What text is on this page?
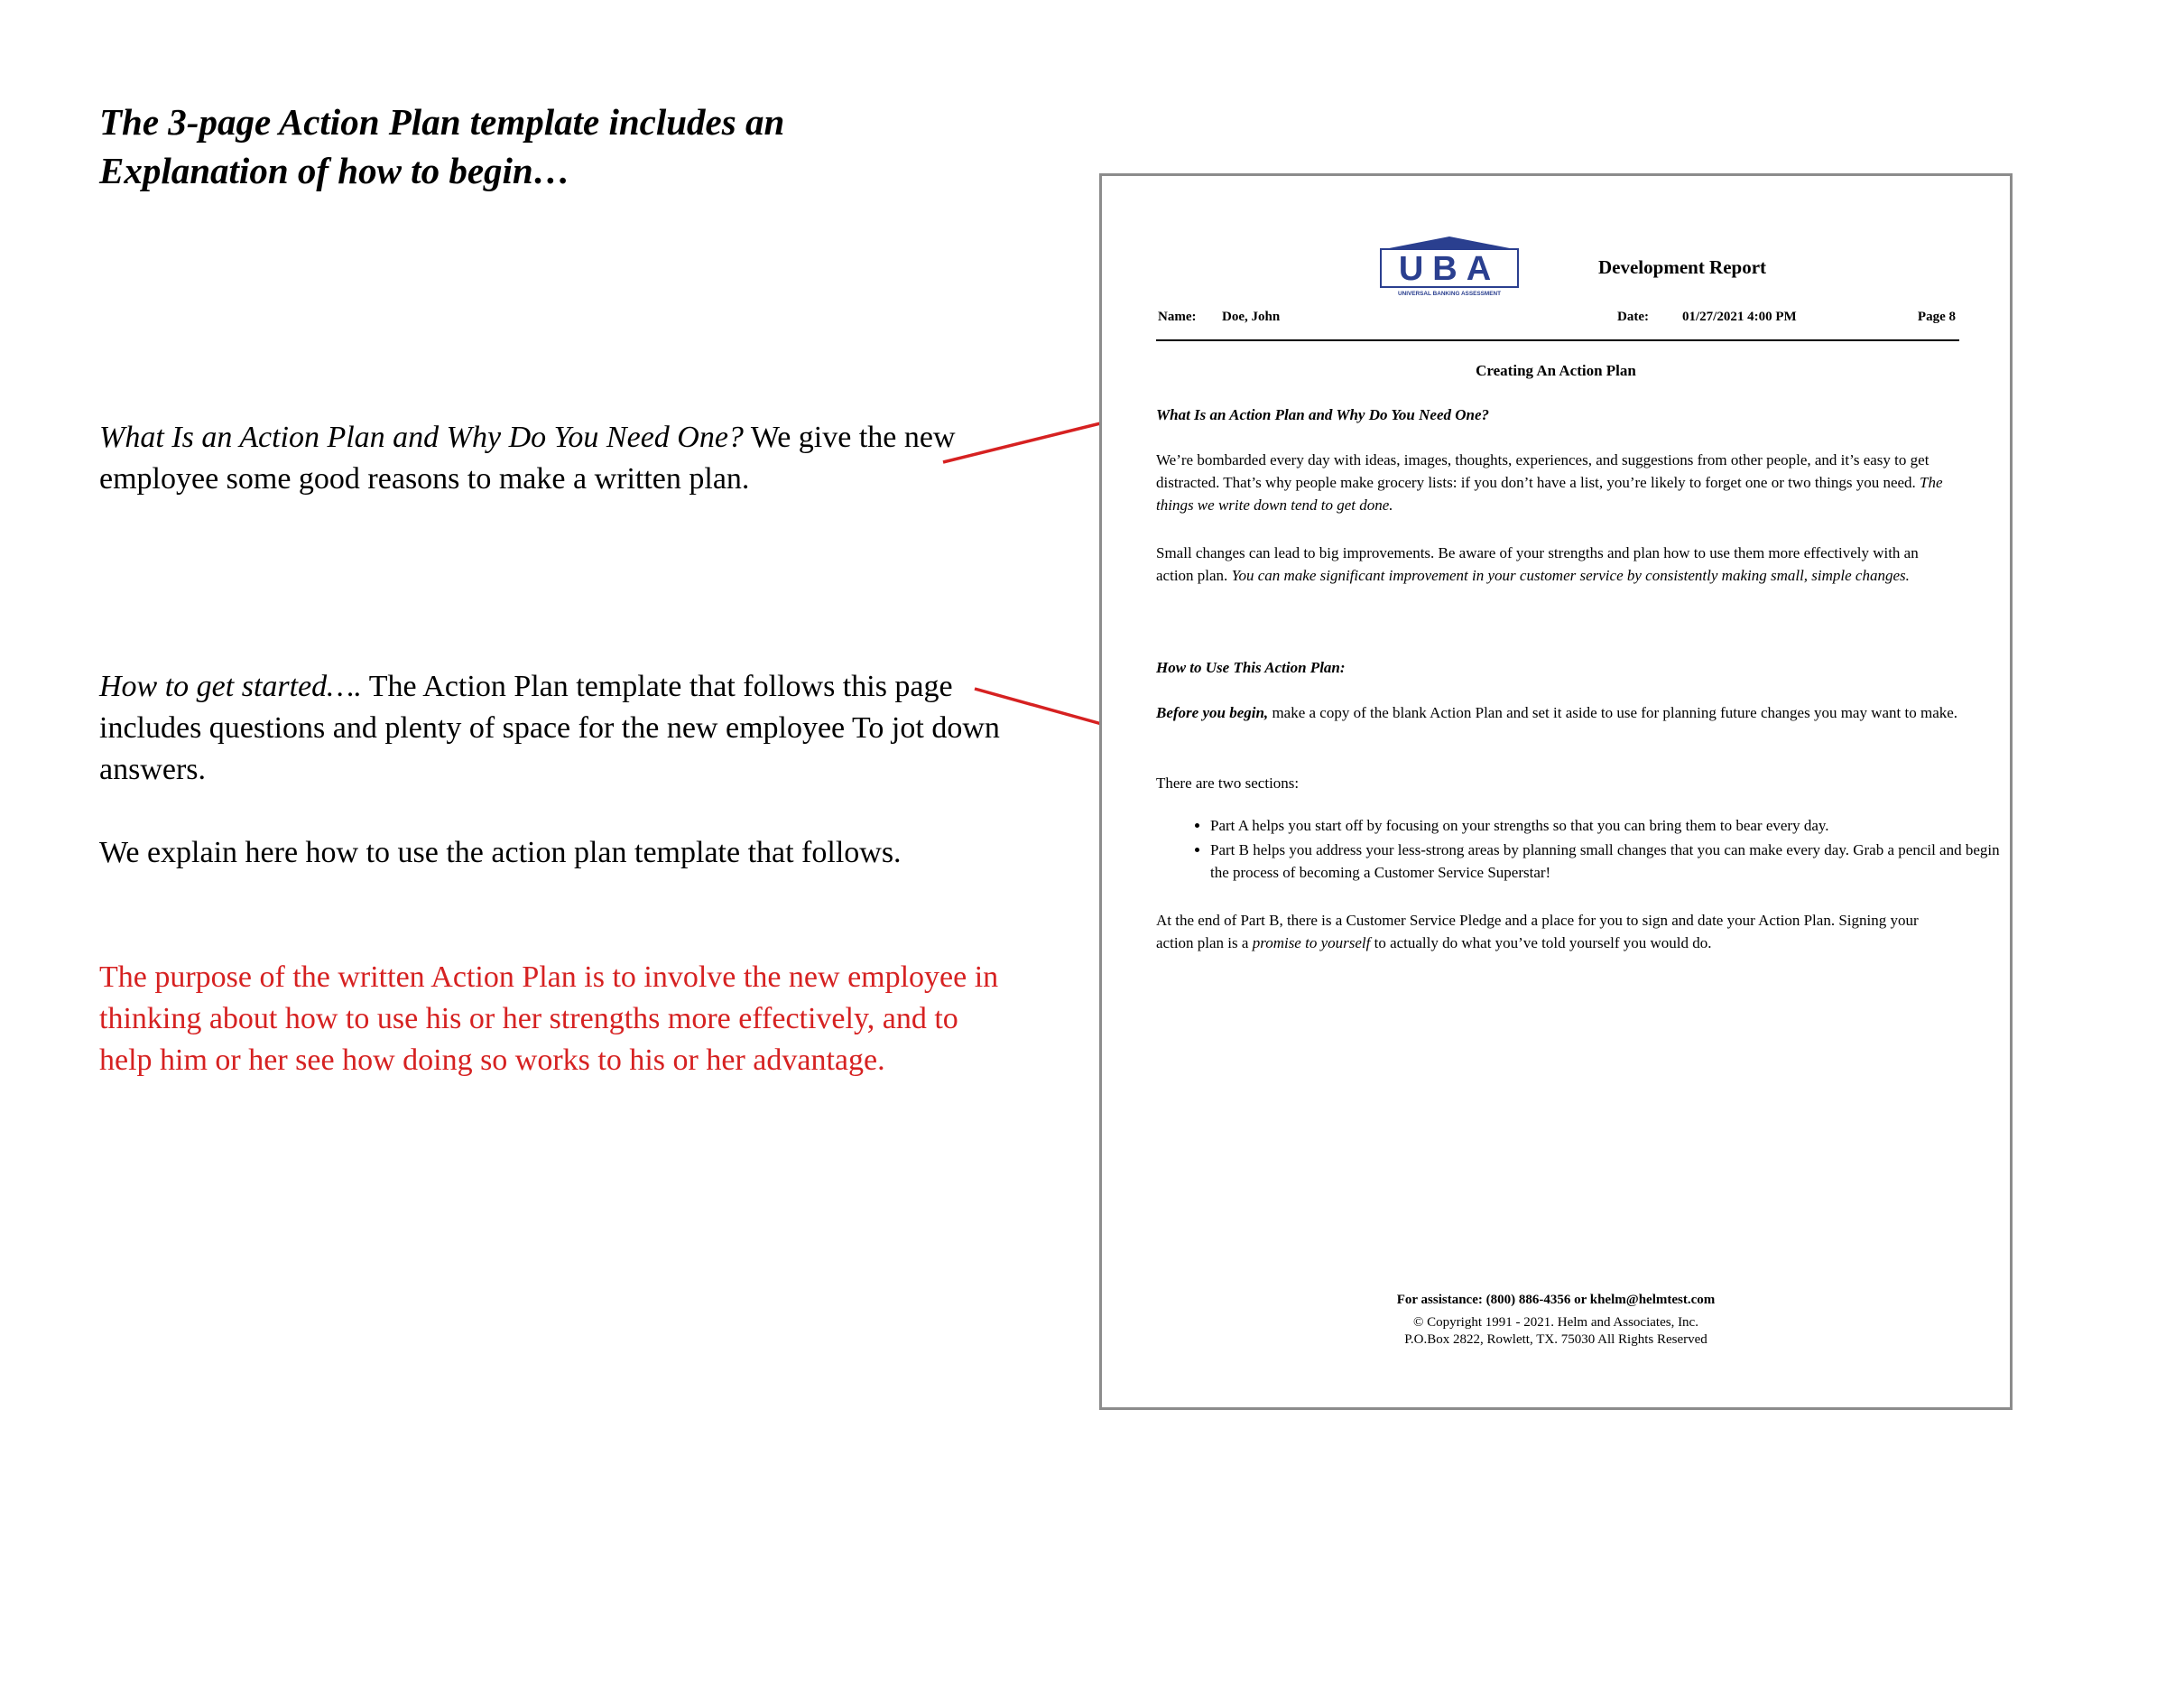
The 3-page Action Plan template includes an
Explanation of how to begin…
What Is an Action Plan and Why Do You Need One? We give the new employee some good reasons to make a written plan.
How to get started…. The Action Plan template that follows this page includes questions and plenty of space for the new employee To jot down answers.
We explain here how to use the action plan template that follows.
The purpose of the written Action Plan is to involve the new employee in thinking about how to use his or her strengths more effectively, and to help him or her see how doing so works to his or her advantage.
UBA
UNIVERSAL BANKING ASSESSMENT
Development Report
Name: Doe, John	Date: 01/27/2021 4:00 PM	Page 8
Creating An Action Plan
What Is an Action Plan and Why Do You Need One?
We’re bombarded every day with ideas, images, thoughts, experiences, and suggestions from other people, and it’s easy to get distracted. That’s why people make grocery lists: if you don’t have a list, you’re likely to forget one or two things you need. The things we write down tend to get done.
Small changes can lead to big improvements. Be aware of your strengths and plan how to use them more effectively with an action plan. You can make significant improvement in your customer service by consistently making small, simple changes.
How to Use This Action Plan:
Before you begin, make a copy of the blank Action Plan and set it aside to use for planning future changes you may want to make.
There are two sections:
• Part A helps you start off by focusing on your strengths so that you can bring them to bear every day.
• Part B helps you address your less-strong areas by planning small changes that you can make every day. Grab a pencil and begin the process of becoming a Customer Service Superstar!
At the end of Part B, there is a Customer Service Pledge and a place for you to sign and date your Action Plan. Signing your action plan is a promise to yourself to actually do what you’ve told yourself you would do.
For assistance: (800) 886-4356 or khelm@helmtest.com
© Copyright 1991 - 2021. Helm and Associates, Inc.
P.O.Box 2822, Rowlett, TX. 75030 All Rights Reserved
